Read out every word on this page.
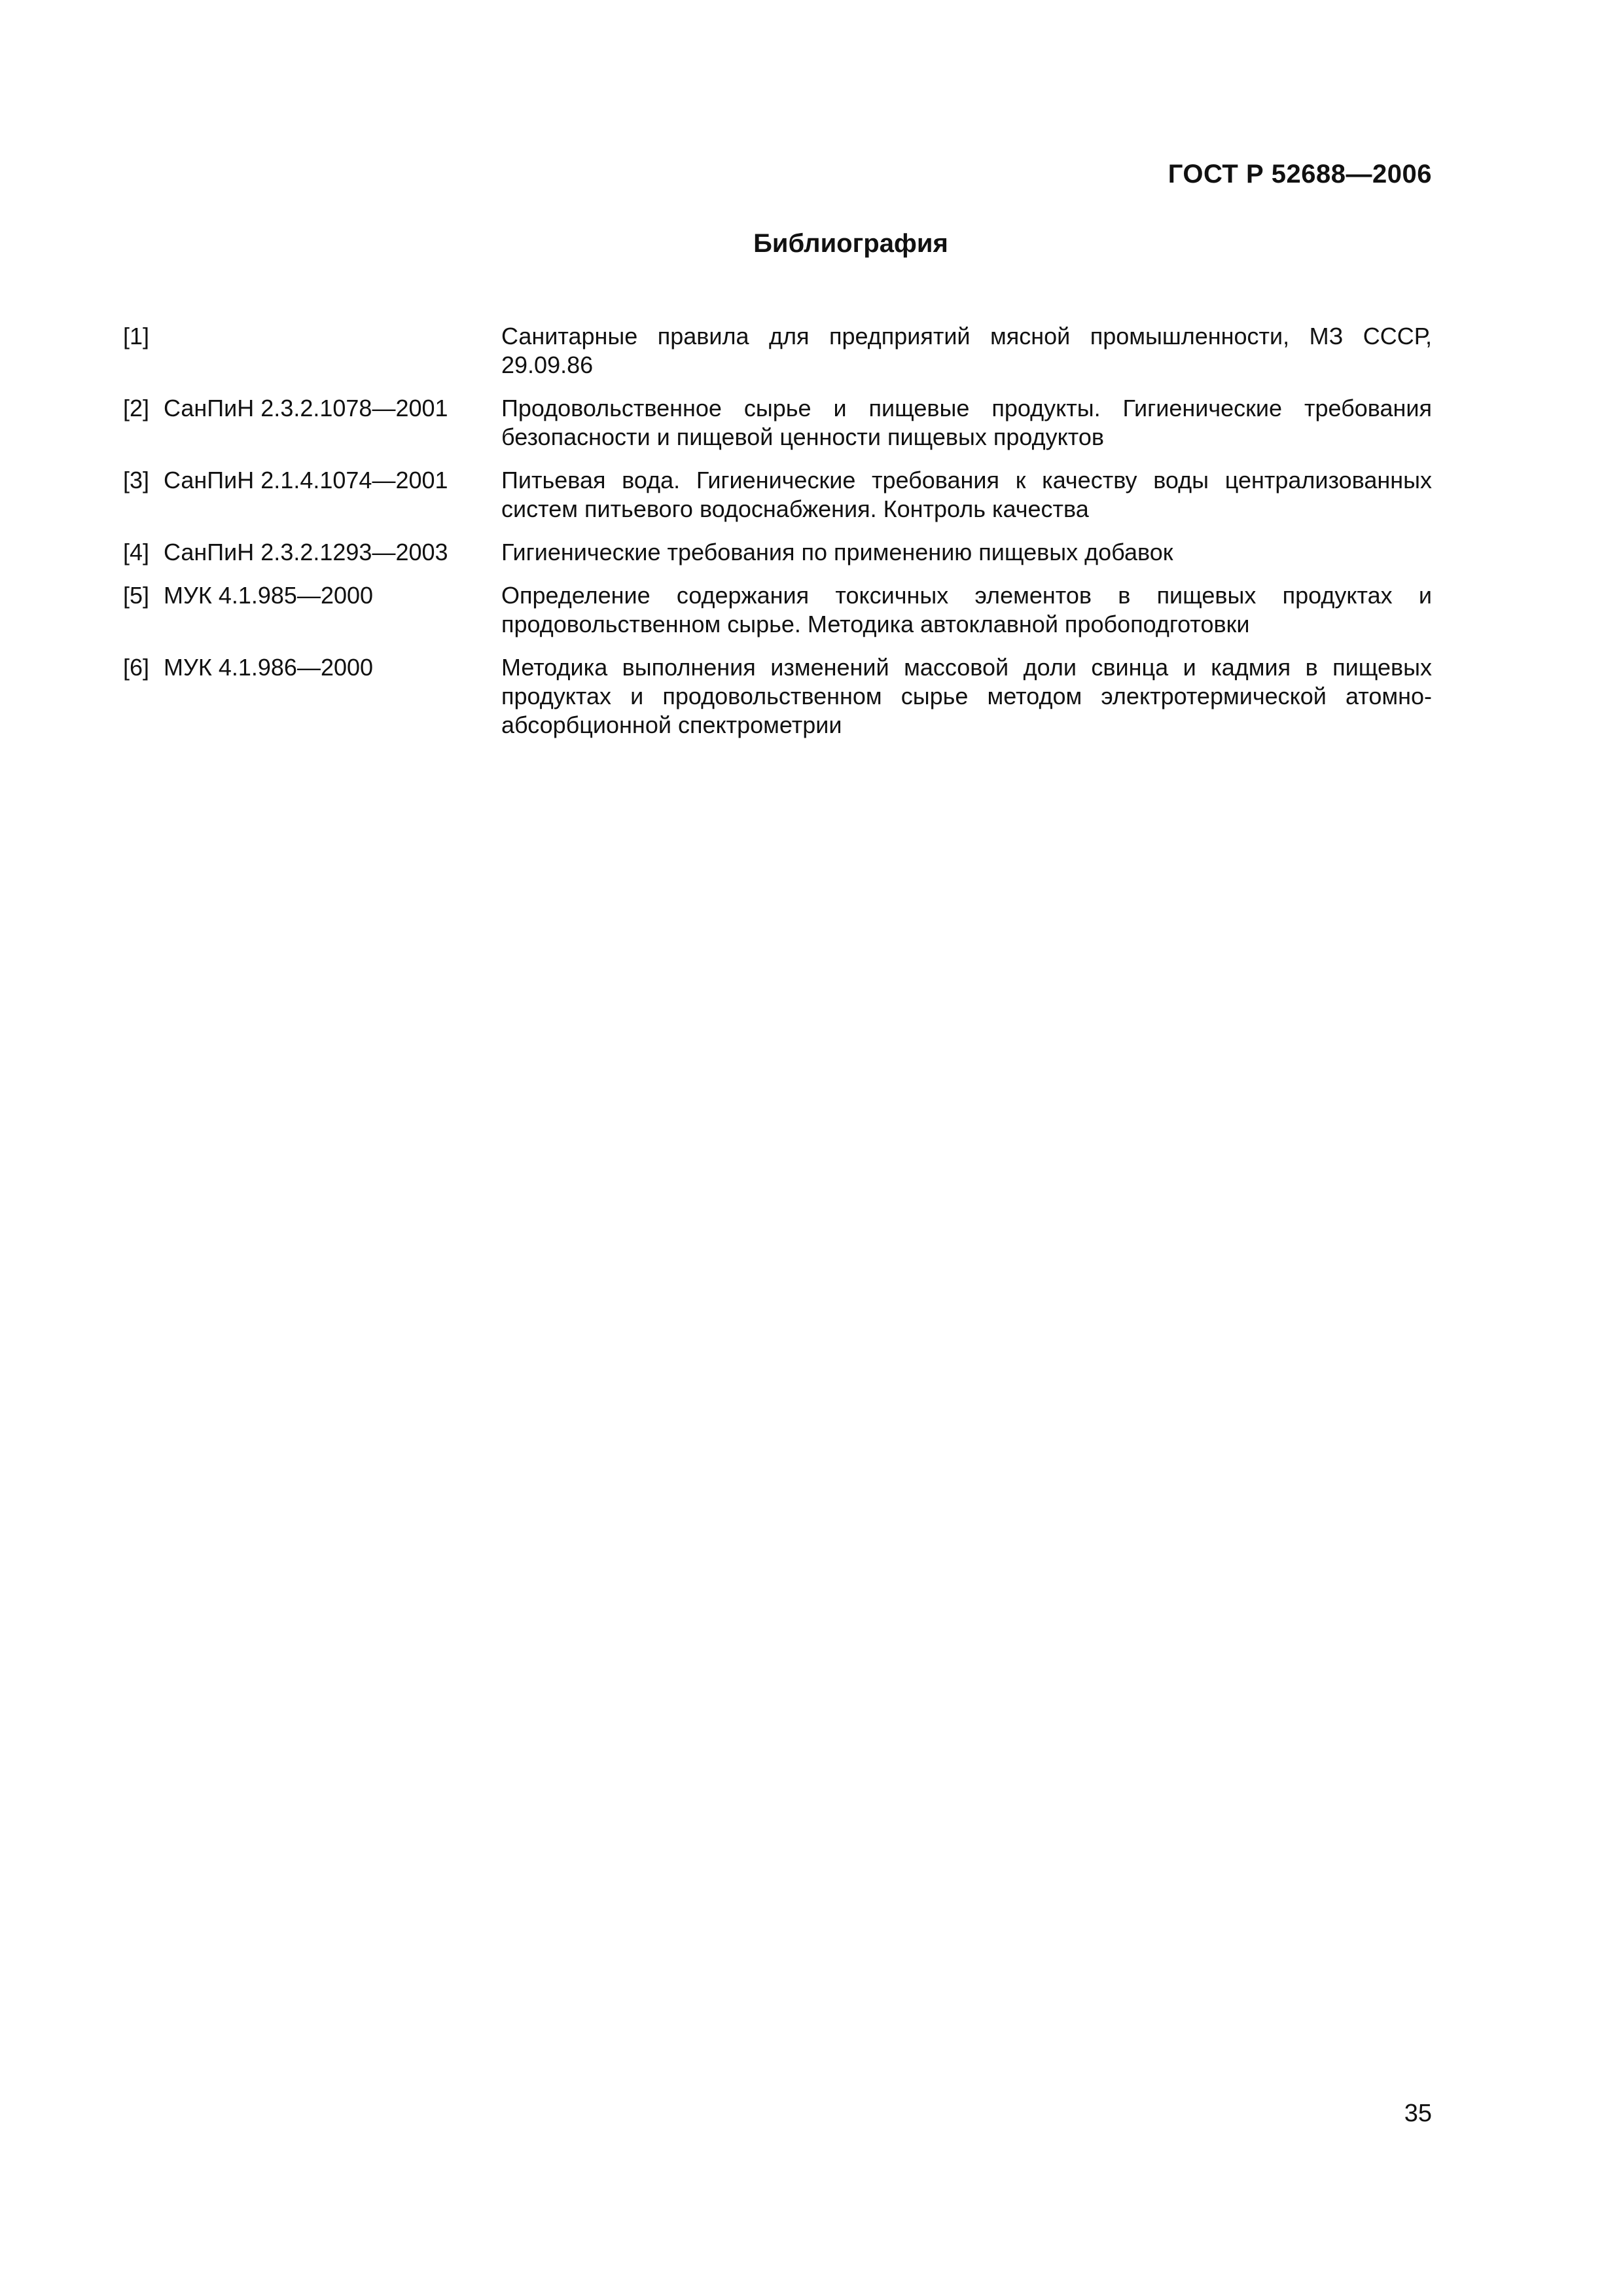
ГОСТ Р 52688—2006
Библиография
[1]	Санитарные правила для предприятий мясной промышленности, МЗ СССР, 29.09.86
[2] СанПиН 2.3.2.1078—2001	Продовольственное сырье и пищевые продукты. Гигиенические требования безопасности и пищевой ценности пищевых продуктов
[3] СанПиН 2.1.4.1074—2001	Питьевая вода. Гигиенические требования к качеству воды централизованных систем питьевого водоснабжения. Контроль качества
[4] СанПиН 2.3.2.1293—2003	Гигиенические требования по применению пищевых добавок
[5] МУК 4.1.985—2000	Определение содержания токсичных элементов в пищевых продуктах и продовольственном сырье. Методика автоклавной пробоподготовки
[6] МУК 4.1.986—2000	Методика выполнения изменений массовой доли свинца и кадмия в пищевых продуктах и продовольственном сырье методом электротермической атомно-абсорбционной спектрометрии
35
